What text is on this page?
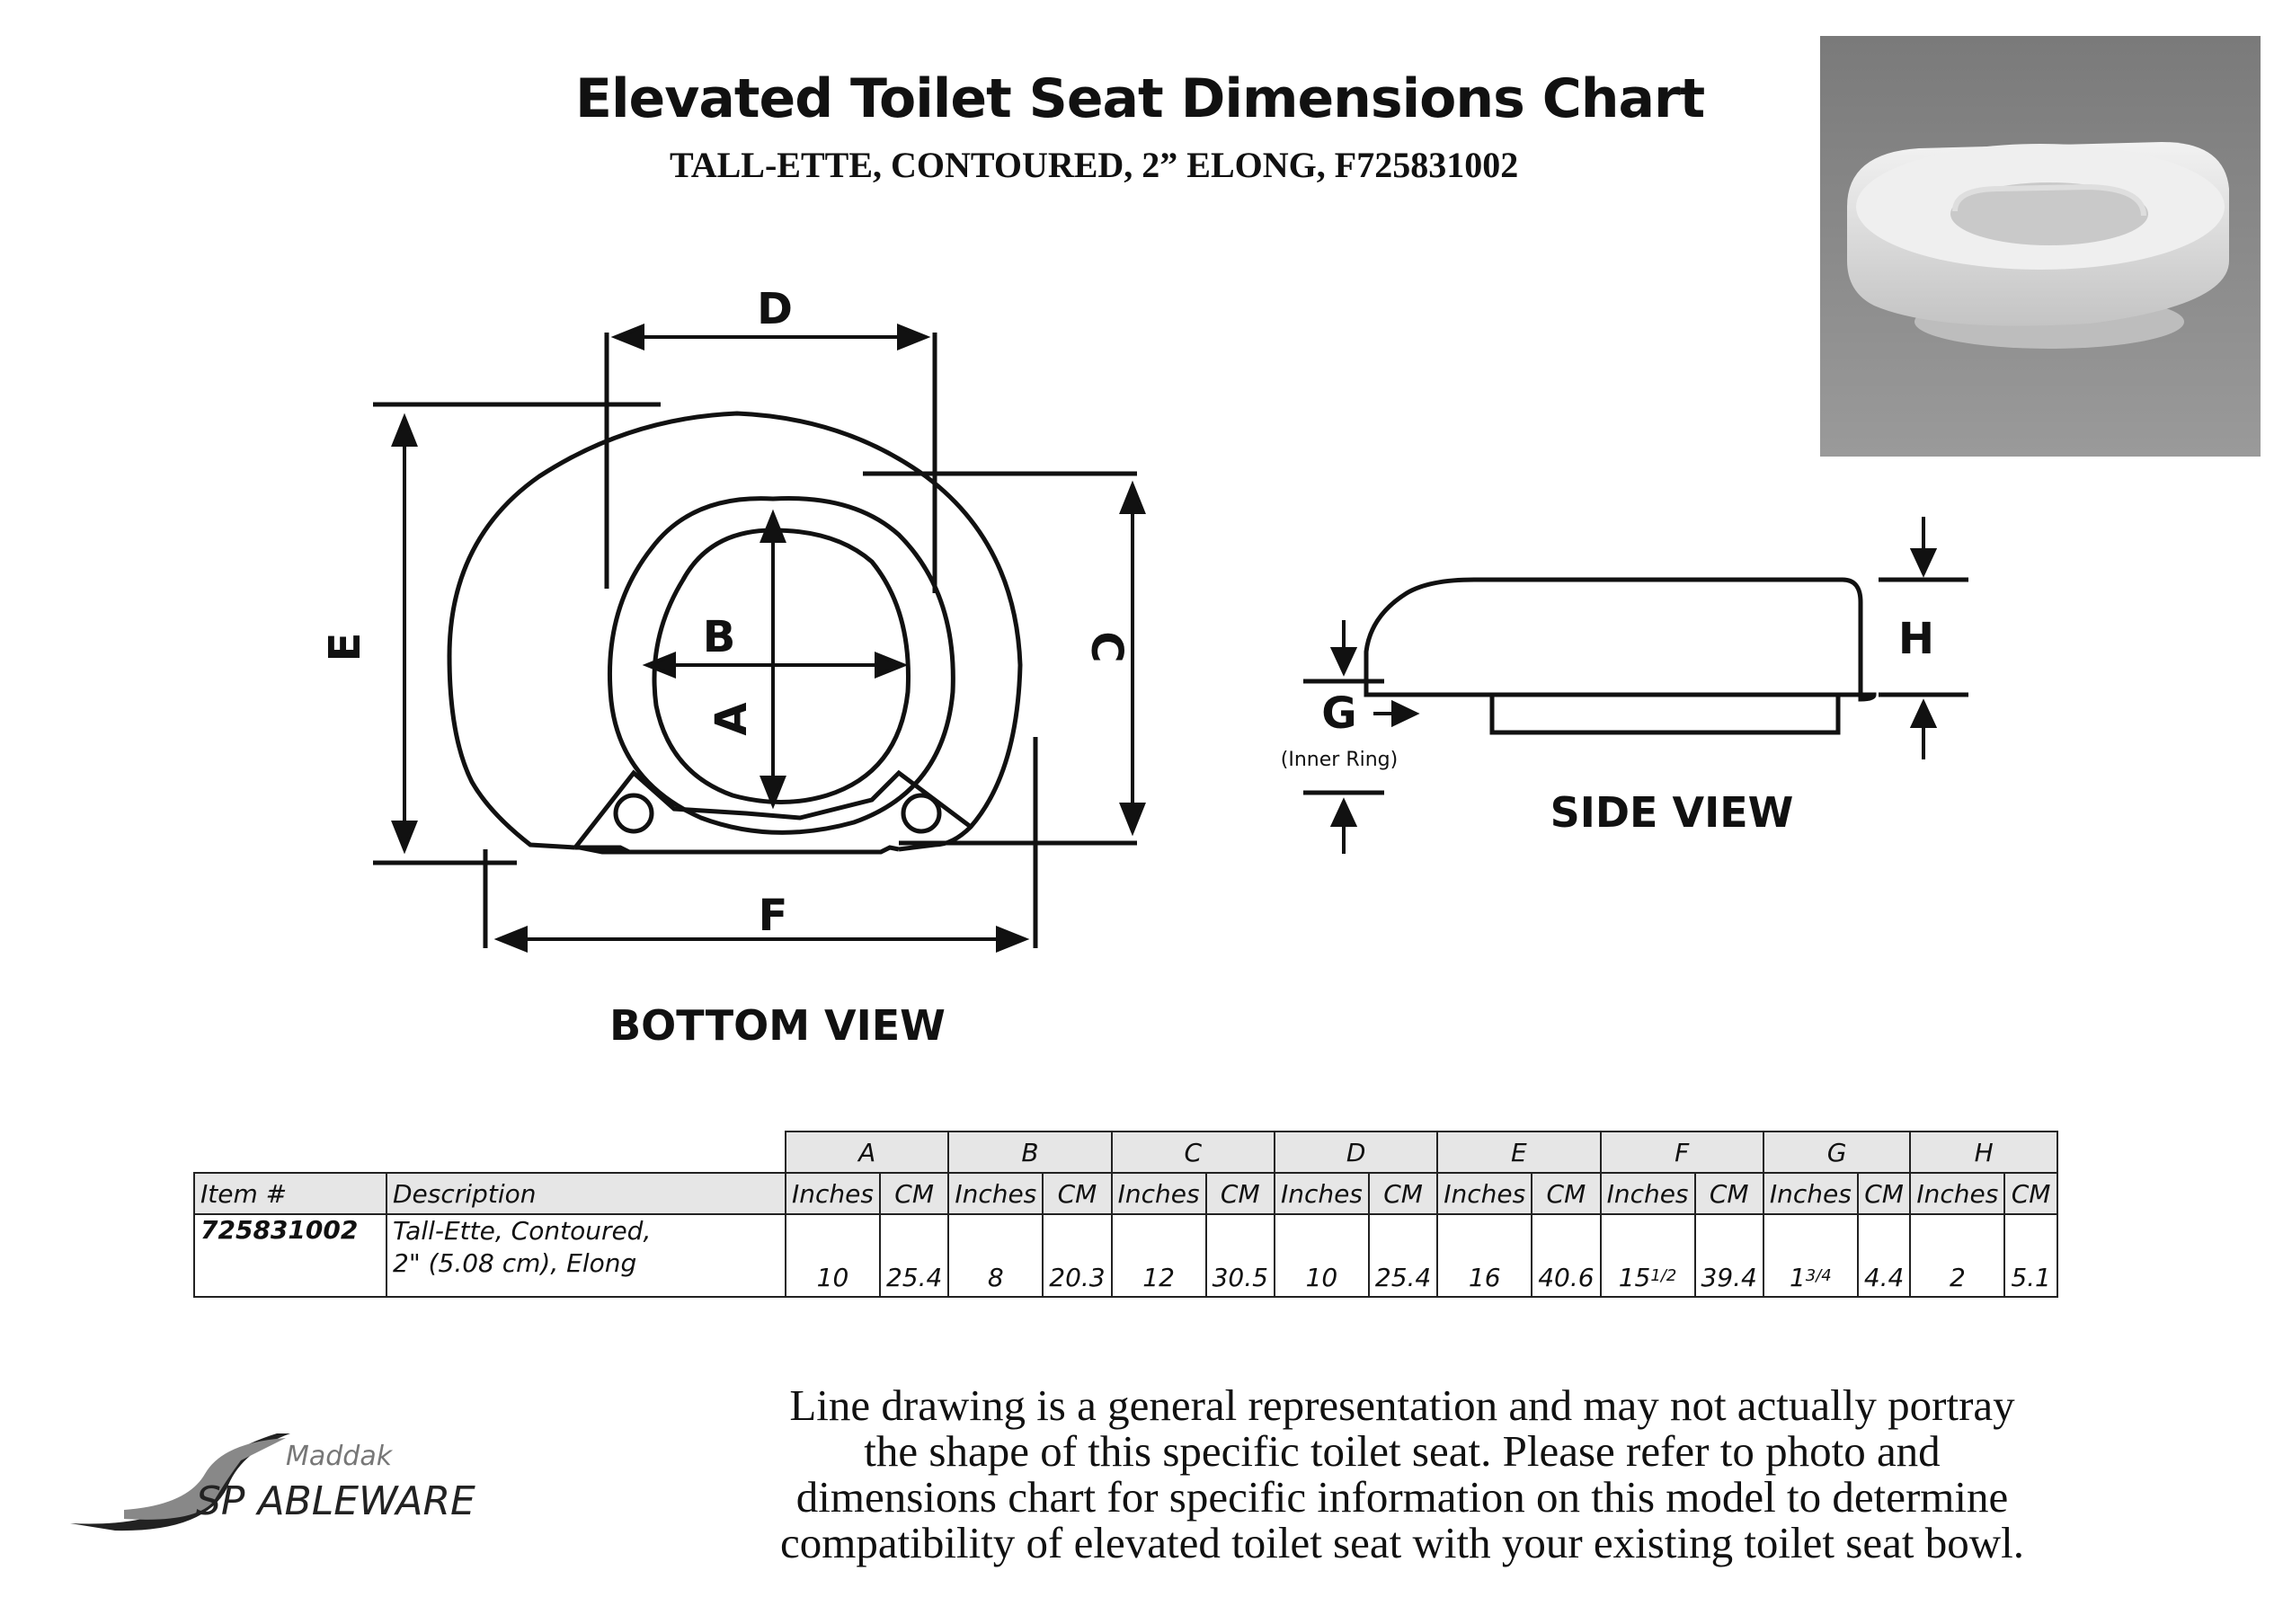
Elevated Toilet Seat Dimensions Chart
TALL-ETTE, CONTOURED, 2” ELONG, F725831002
D
E	C
F
B
A
BOTTOM VIEW
H
G
(Inner Ring)
SIDE VIEW
		A		B		C		D		E		F		G		H	
Item #	Description	Inches	CM	Inches	CM	Inches	CM	Inches	CM	Inches	CM	Inches	CM	Inches	CM	Inches	CM
725831002	Tall-Ette, Contoured,
2" (5.08 cm), Elong	10	25.4	8	20.3	12	30.5	10	25.4	16	40.6	$15^{1/2}$	39.4	$1^{3/4}$	4.4	2	5.1
Maddak
SP ABLEWARE
Line drawing is a general representation and may not actually portray
the shape of this specific toilet seat. Please refer to photo and
dimensions chart for specific information on this model to determine
compatibility of elevated toilet seat with your existing toilet seat bowl.
